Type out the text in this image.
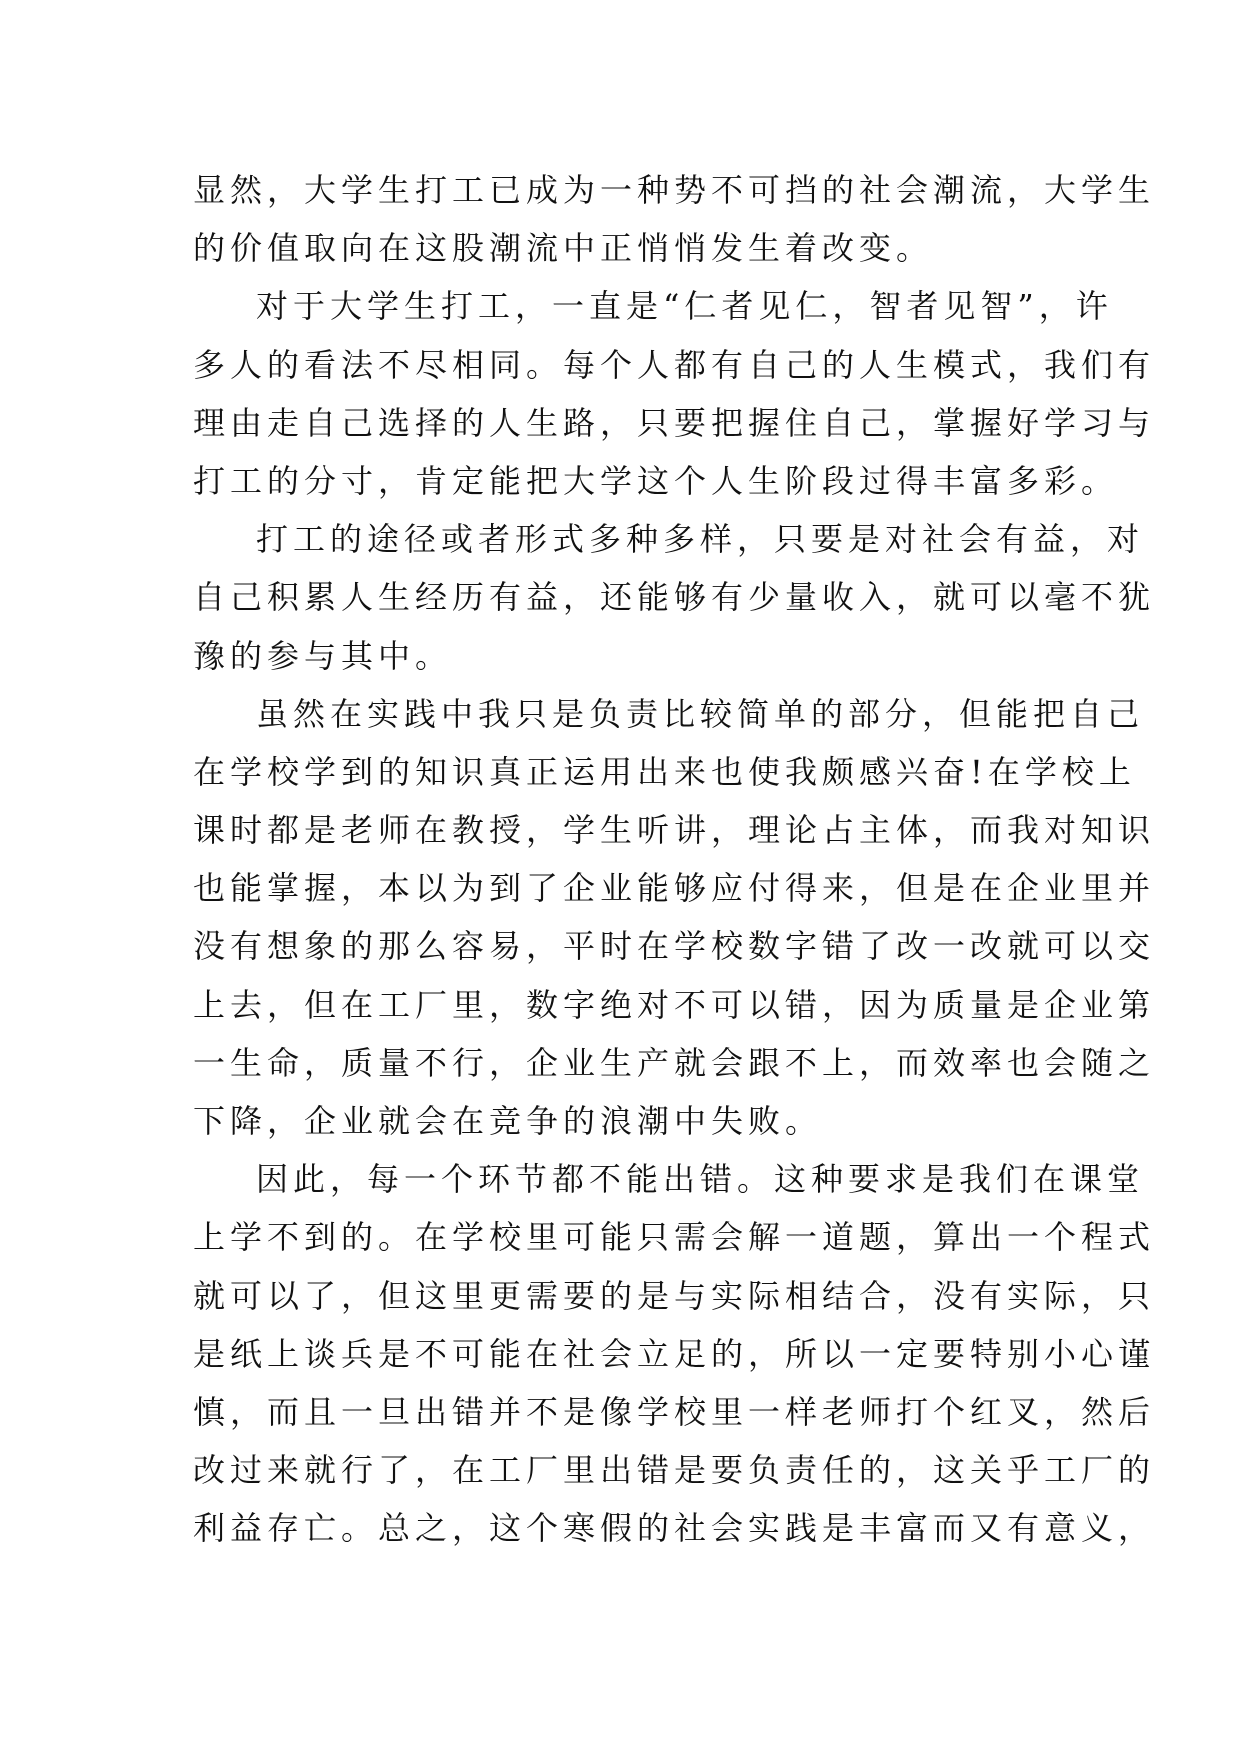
显然，大学生打工已成为一种势不可挡的社会潮流，大学生
的价值取向在这股潮流中正悄悄发生着改变。
对于大学生打工，一直是“仁者见仁，智者见智”，许
多人的看法不尽相同。每个人都有自己的人生模式，我们有
理由走自己选择的人生路，只要把握住自己，掌握好学习与
打工的分寸，肯定能把大学这个人生阶段过得丰富多彩。
打工的途径或者形式多种多样，只要是对社会有益，对
自己积累人生经历有益，还能够有少量收入，就可以毫不犹
豫的参与其中。
虽然在实践中我只是负责比较简单的部分，但能把自己
在学校学到的知识真正运用出来也使我颇感兴奋!在学校上
课时都是老师在教授，学生听讲，理论占主体，而我对知识
也能掌握，本以为到了企业能够应付得来，但是在企业里并
没有想象的那么容易，平时在学校数字错了改一改就可以交
上去，但在工厂里，数字绝对不可以错，因为质量是企业第
一生命，质量不行，企业生产就会跟不上，而效率也会随之
下降，企业就会在竞争的浪潮中失败。
因此，每一个环节都不能出错。这种要求是我们在课堂
上学不到的。在学校里可能只需会解一道题，算出一个程式
就可以了，但这里更需要的是与实际相结合，没有实际，只
是纸上谈兵是不可能在社会立足的，所以一定要特别小心谨
慎，而且一旦出错并不是像学校里一样老师打个红叉，然后
改过来就行了，在工厂里出错是要负责任的，这关乎工厂的
利益存亡。总之，这个寒假的社会实践是丰富而又有意义，
